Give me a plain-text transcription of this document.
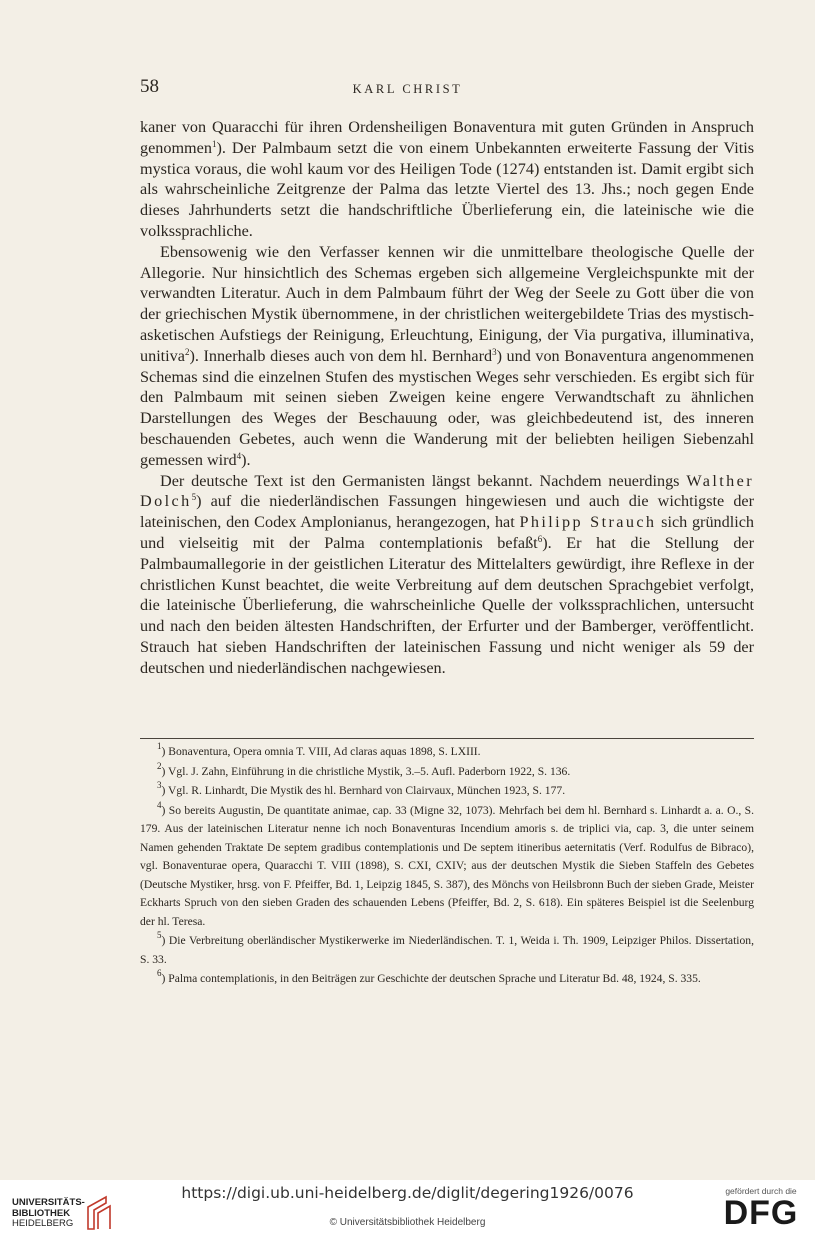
58	KARL CHRIST

kaner von Quaracchi für ihren Ordensheiligen Bonaventura mit guten Gründen in Anspruch genommen$^1$). Der Palmbaum setzt die von einem Unbekannten erweiterte Fassung der Vitis mystica voraus, die wohl kaum vor des Heiligen Tode (1274) entstanden ist. Damit ergibt sich als wahrscheinliche Zeitgrenze der Palma das letzte Viertel des 13. Jhs.; noch gegen Ende dieses Jahrhunderts setzt die handschriftliche Überlieferung ein, die lateinische wie die volkssprachliche.

Ebensowenig wie den Verfasser kennen wir die unmittelbare theologische Quelle der Allegorie. Nur hinsichtlich des Schemas ergeben sich allgemeine Vergleichspunkte mit der verwandten Literatur. Auch in dem Palmbaum führt der Weg der Seele zu Gott über die von der griechischen Mystik übernommene, in der christlichen weitergebildete Trias des mystisch-asketischen Aufstiegs der Reinigung, Erleuchtung, Einigung, der Via purgativa, illuminativa, unitiva$^2$). Innerhalb dieses auch von dem hl. Bernhard$^3$) und von Bonaventura angenommenen Schemas sind die einzelnen Stufen des mystischen Weges sehr verschieden. Es ergibt sich für den Palmbaum mit seinen sieben Zweigen keine engere Verwandtschaft zu ähnlichen Darstellungen des Weges der Beschauung oder, was gleichbedeutend ist, des inneren beschauenden Gebetes, auch wenn die Wanderung mit der beliebten heiligen Siebenzahl gemessen wird$^4$).

Der deutsche Text ist den Germanisten längst bekannt. Nachdem neuerdings Walther Dolch$^5$) auf die niederländischen Fassungen hingewiesen und auch die wichtigste der lateinischen, den Codex Amplonianus, herangezogen, hat Philipp Strauch sich gründlich und vielseitig mit der Palma contemplationis befaßt$^6$). Er hat die Stellung der Palmbaumallegorie in der geistlichen Literatur des Mittelalters gewürdigt, ihre Reflexe in der christlichen Kunst beachtet, die weite Verbreitung auf dem deutschen Sprachgebiet verfolgt, die lateinische Überlieferung, die wahrscheinliche Quelle der volkssprachlichen, untersucht und nach den beiden ältesten Handschriften, der Erfurter und der Bamberger, veröffentlicht. Strauch hat sieben Handschriften der lateinischen Fassung und nicht weniger als 59 der deutschen und niederländischen nachgewiesen.

$^1$) Bonaventura, Opera omnia T. VIII, Ad claras aquas 1898, S. LXIII.

$^2$) Vgl. J. Zahn, Einführung in die christliche Mystik, 3.–5. Aufl. Paderborn 1922, S. 136.

$^3$) Vgl. R. Linhardt, Die Mystik des hl. Bernhard von Clairvaux, München 1923, S. 177.

$^4$) So bereits Augustin, De quantitate animae, cap. 33 (Migne 32, 1073). Mehrfach bei dem hl. Bernhard s. Linhardt a. a. O., S. 179. Aus der lateinischen Literatur nenne ich noch Bonaventuras Incendium amoris s. de triplici via, cap. 3, die unter seinem Namen gehenden Traktate De septem gradibus contemplationis und De septem itineribus aeternitatis (Verf. Rodulfus de Bibraco), vgl. Bonaventurae opera, Quaracchi T. VIII (1898), S. CXI, CXIV; aus der deutschen Mystik die Sieben Staffeln des Gebetes (Deutsche Mystiker, hrsg. von F. Pfeiffer, Bd. 1, Leipzig 1845, S. 387), des Mönchs von Heilsbronn Buch der sieben Grade, Meister Eckharts Spruch von den sieben Graden des schauenden Lebens (Pfeiffer, Bd. 2, S. 618). Ein späteres Beispiel ist die Seelenburg der hl. Teresa.

$^5$) Die Verbreitung oberländischer Mystikerwerke im Niederländischen. T. 1, Weida i. Th. 1909, Leipziger Philos. Dissertation, S. 33.

$^6$) Palma contemplationis, in den Beiträgen zur Geschichte der deutschen Sprache und Literatur Bd. 48, 1924, S. 335.

UNIVERSITÄTS-
BIBLIOTHEK
HEIDELBERG
https://digi.ub.uni-heidelberg.de/diglit/degering1926/0076
© Universitätsbibliothek Heidelberg
gefördert durch die
DFG
